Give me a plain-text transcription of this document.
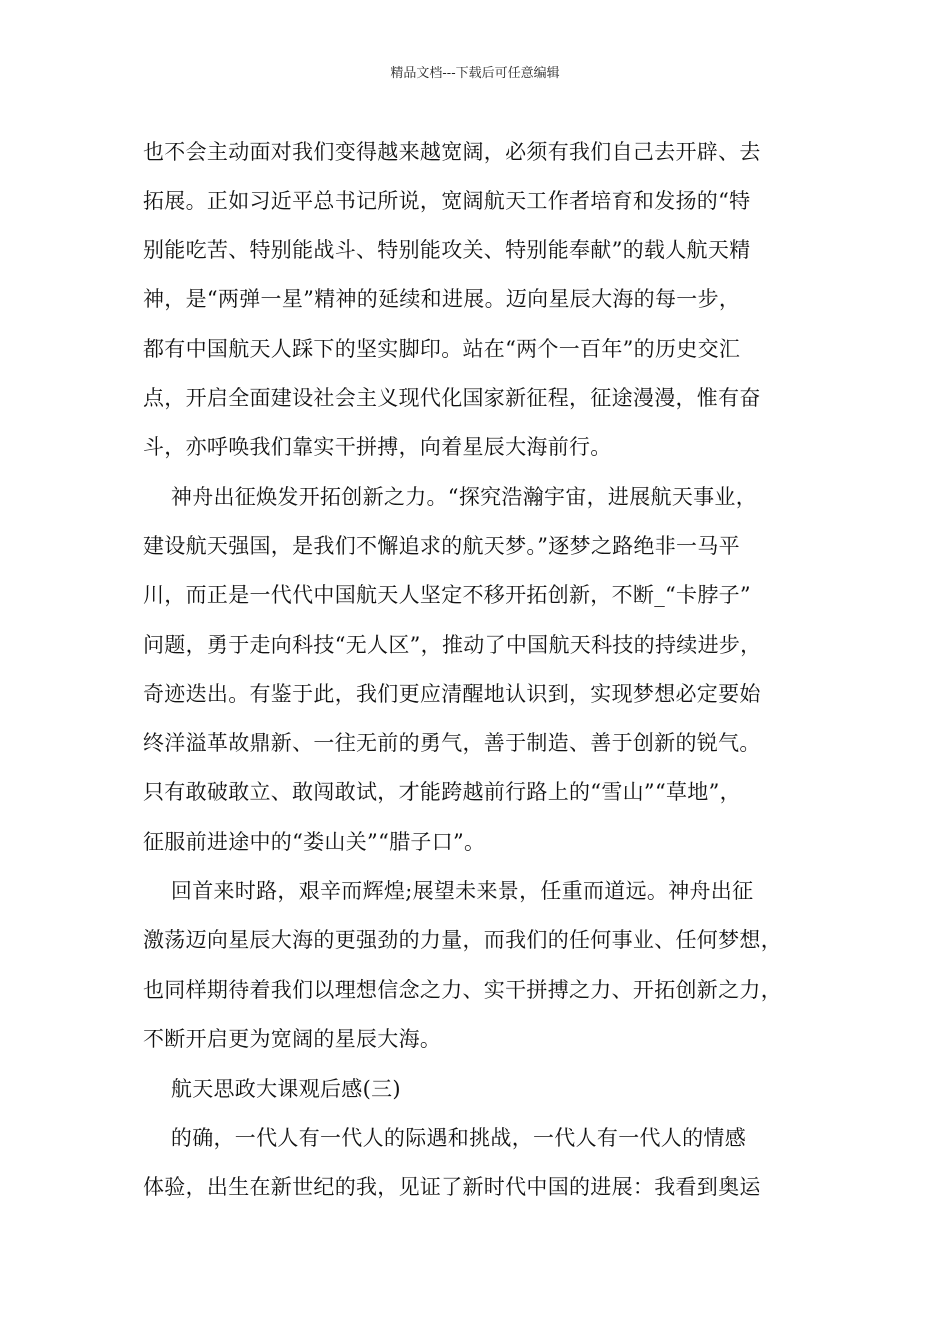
精品文档---下载后可任意编辑
也不会主动面对我们变得越来越宽阔，必须有我们自己去开辟、去
拓展。正如习近平总书记所说，宽阔航天工作者培育和发扬的“特
别能吃苦、特别能战斗、特别能攻关、特别能奉献”的载人航天精
神，是“两弹一星”精神的延续和进展。迈向星辰大海的每一步，
都有中国航天人踩下的坚实脚印。站在“两个一百年”的历史交汇
点，开启全面建设社会主义现代化国家新征程，征途漫漫，惟有奋
斗，亦呼唤我们靠实干拼搏，向着星辰大海前行。
神舟出征焕发开拓创新之力。“探究浩瀚宇宙，进展航天事业，
建设航天强国，是我们不懈追求的航天梦。”逐梦之路绝非一马平
川，而正是一代代中国航天人坚定不移开拓创新，不断_“卡脖子”
问题，勇于走向科技“无人区”，推动了中国航天科技的持续进步，
奇迹迭出。有鉴于此，我们更应清醒地认识到，实现梦想必定要始
终洋溢革故鼎新、一往无前的勇气，善于制造、善于创新的锐气。
只有敢破敢立、敢闯敢试，才能跨越前行路上的“雪山”“草地”，
征服前进途中的“娄山关”“腊子口”。
回首来时路，艰辛而辉煌;展望未来景，任重而道远。神舟出征
激荡迈向星辰大海的更强劲的力量，而我们的任何事业、任何梦想，
也同样期待着我们以理想信念之力、实干拼搏之力、开拓创新之力，
不断开启更为宽阔的星辰大海。
航天思政大课观后感(三)
的确，一代人有一代人的际遇和挑战，一代人有一代人的情感
体验，出生在新世纪的我，见证了新时代中国的进展：我看到奥运
